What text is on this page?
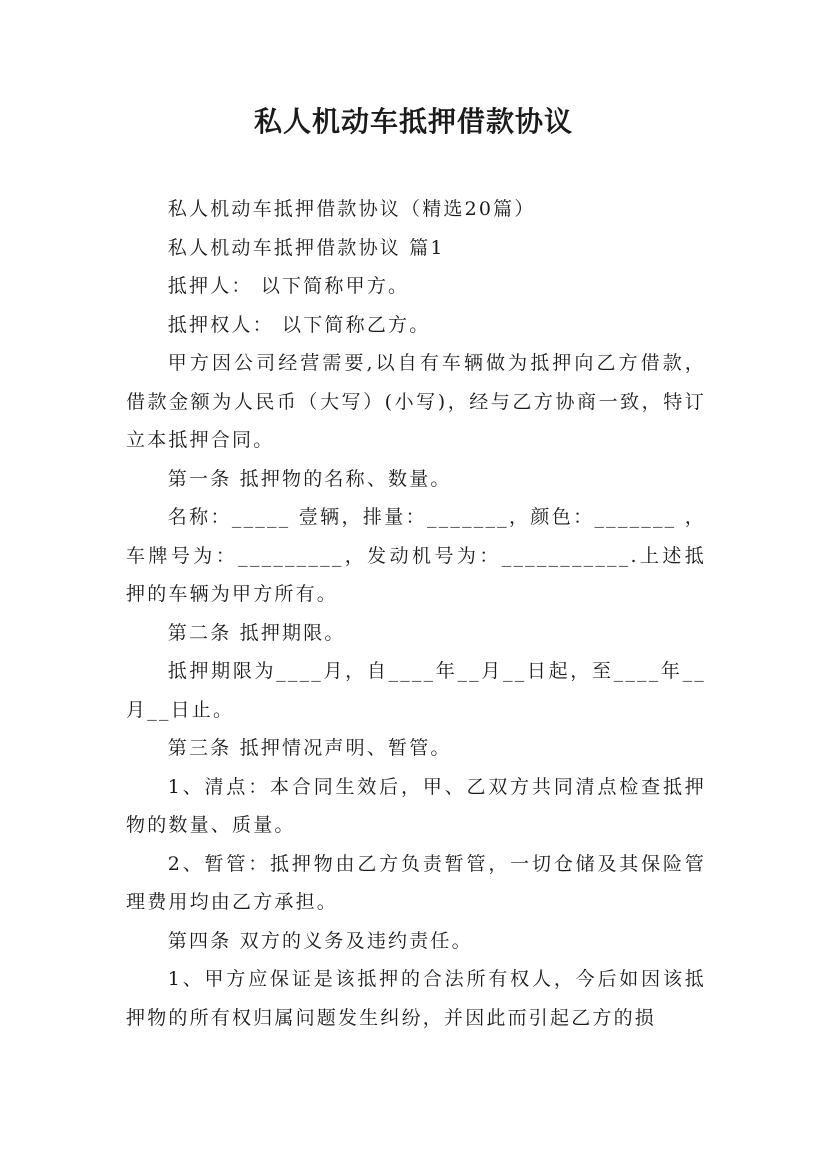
私人机动车抵押借款协议

私人机动车抵押借款协议（精选20篇）

私人机动车抵押借款协议 篇1

抵押人： 以下简称甲方。

抵押权人： 以下简称乙方。

甲方因公司经营需要,以自有车辆做为抵押向乙方借款，借款金额为人民币（大写）(小写)，经与乙方协商一致，特订立本抵押合同。

第一条 抵押物的名称、数量。

名称：_____ 壹辆，排量：_______，颜色：_______ ，车牌号为：_________，发动机号为：___________.上述抵押的车辆为甲方所有。

第二条 抵押期限。

抵押期限为____月，自____年__月__日起，至____年__月__日止。

第三条 抵押情况声明、暂管。

1、清点：本合同生效后，甲、乙双方共同清点检查抵押物的数量、质量。

2、暂管：抵押物由乙方负责暂管，一切仓储及其保险管理费用均由乙方承担。

第四条 双方的义务及违约责任。

1、甲方应保证是该抵押的合法所有权人，今后如因该抵押物的所有权归属问题发生纠纷，并因此而引起乙方的损
